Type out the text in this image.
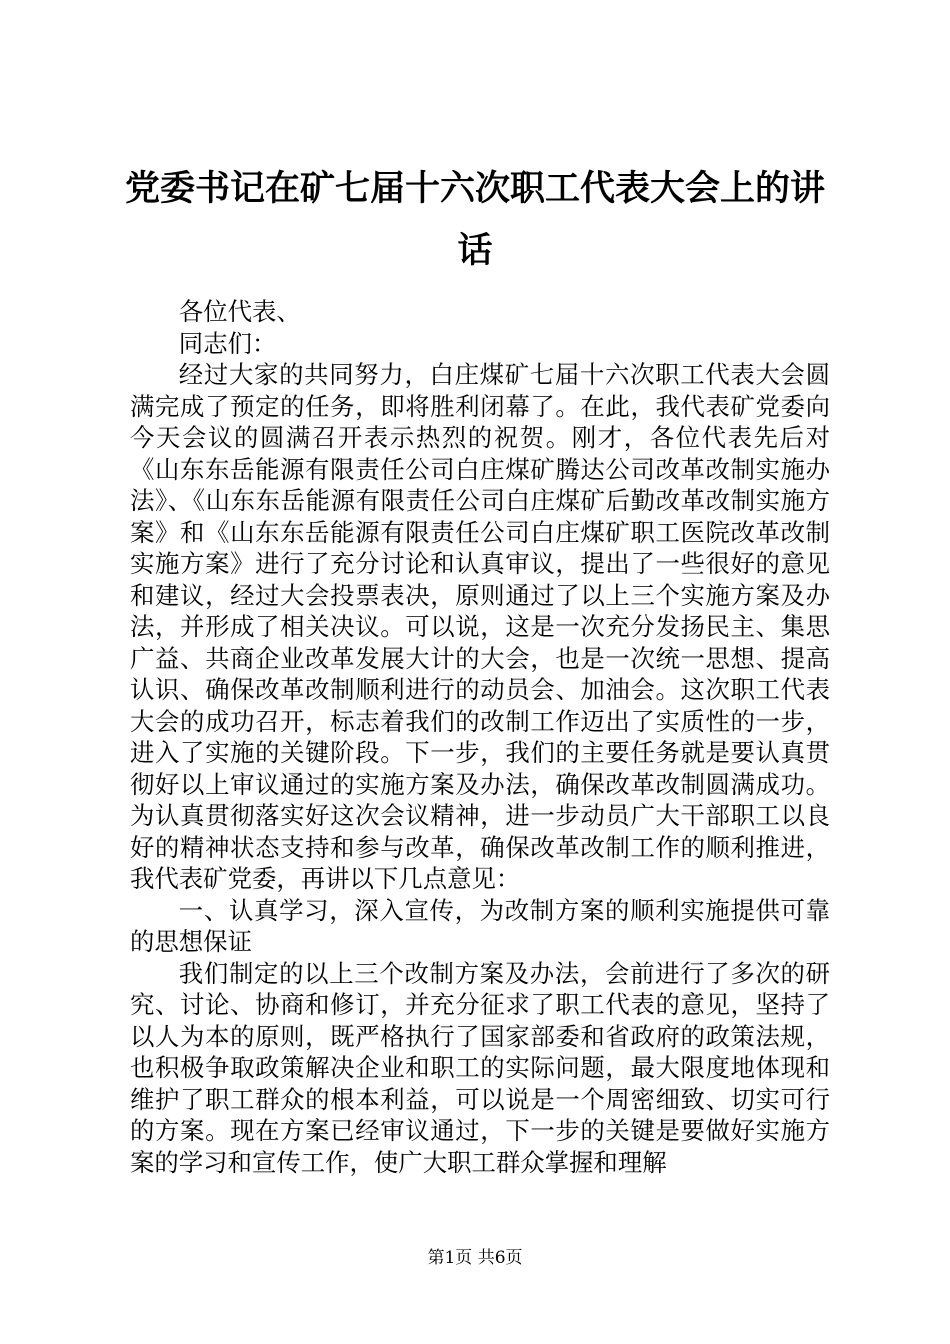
党委书记在矿七届十六次职工代表大会上的讲话

各位代表、

同志们：

经过大家的共同努力，白庄煤矿七届十六次职工代表大会圆满完成了预定的任务，即将胜利闭幕了。在此，我代表矿党委向今天会议的圆满召开表示热烈的祝贺。刚才，各位代表先后对《山东东岳能源有限责任公司白庄煤矿腾达公司改革改制实施办法》、《山东东岳能源有限责任公司白庄煤矿后勤改革改制实施方案》和《山东东岳能源有限责任公司白庄煤矿职工医院改革改制实施方案》进行了充分讨论和认真审议，提出了一些很好的意见和建议，经过大会投票表决，原则通过了以上三个实施方案及办法，并形成了相关决议。可以说，这是一次充分发扬民主、集思广益、共商企业改革发展大计的大会，也是一次统一思想、提高认识、确保改革改制顺利进行的动员会、加油会。这次职工代表大会的成功召开，标志着我们的改制工作迈出了实质性的一步，进入了实施的关键阶段。下一步，我们的主要任务就是要认真贯彻好以上审议通过的实施方案及办法，确保改革改制圆满成功。为认真贯彻落实好这次会议精神，进一步动员广大干部职工以良好的精神状态支持和参与改革，确保改革改制工作的顺利推进，我代表矿党委，再讲以下几点意见：

一、认真学习，深入宣传，为改制方案的顺利实施提供可靠的思想保证

我们制定的以上三个改制方案及办法，会前进行了多次的研究、讨论、协商和修订，并充分征求了职工代表的意见，坚持了以人为本的原则，既严格执行了国家部委和省政府的政策法规，也积极争取政策解决企业和职工的实际问题，最大限度地体现和维护了职工群众的根本利益，可以说是一个周密细致、切实可行的方案。现在方案已经审议通过，下一步的关键是要做好实施方案的学习和宣传工作，使广大职工群众掌握和理解

第1页 共6页
